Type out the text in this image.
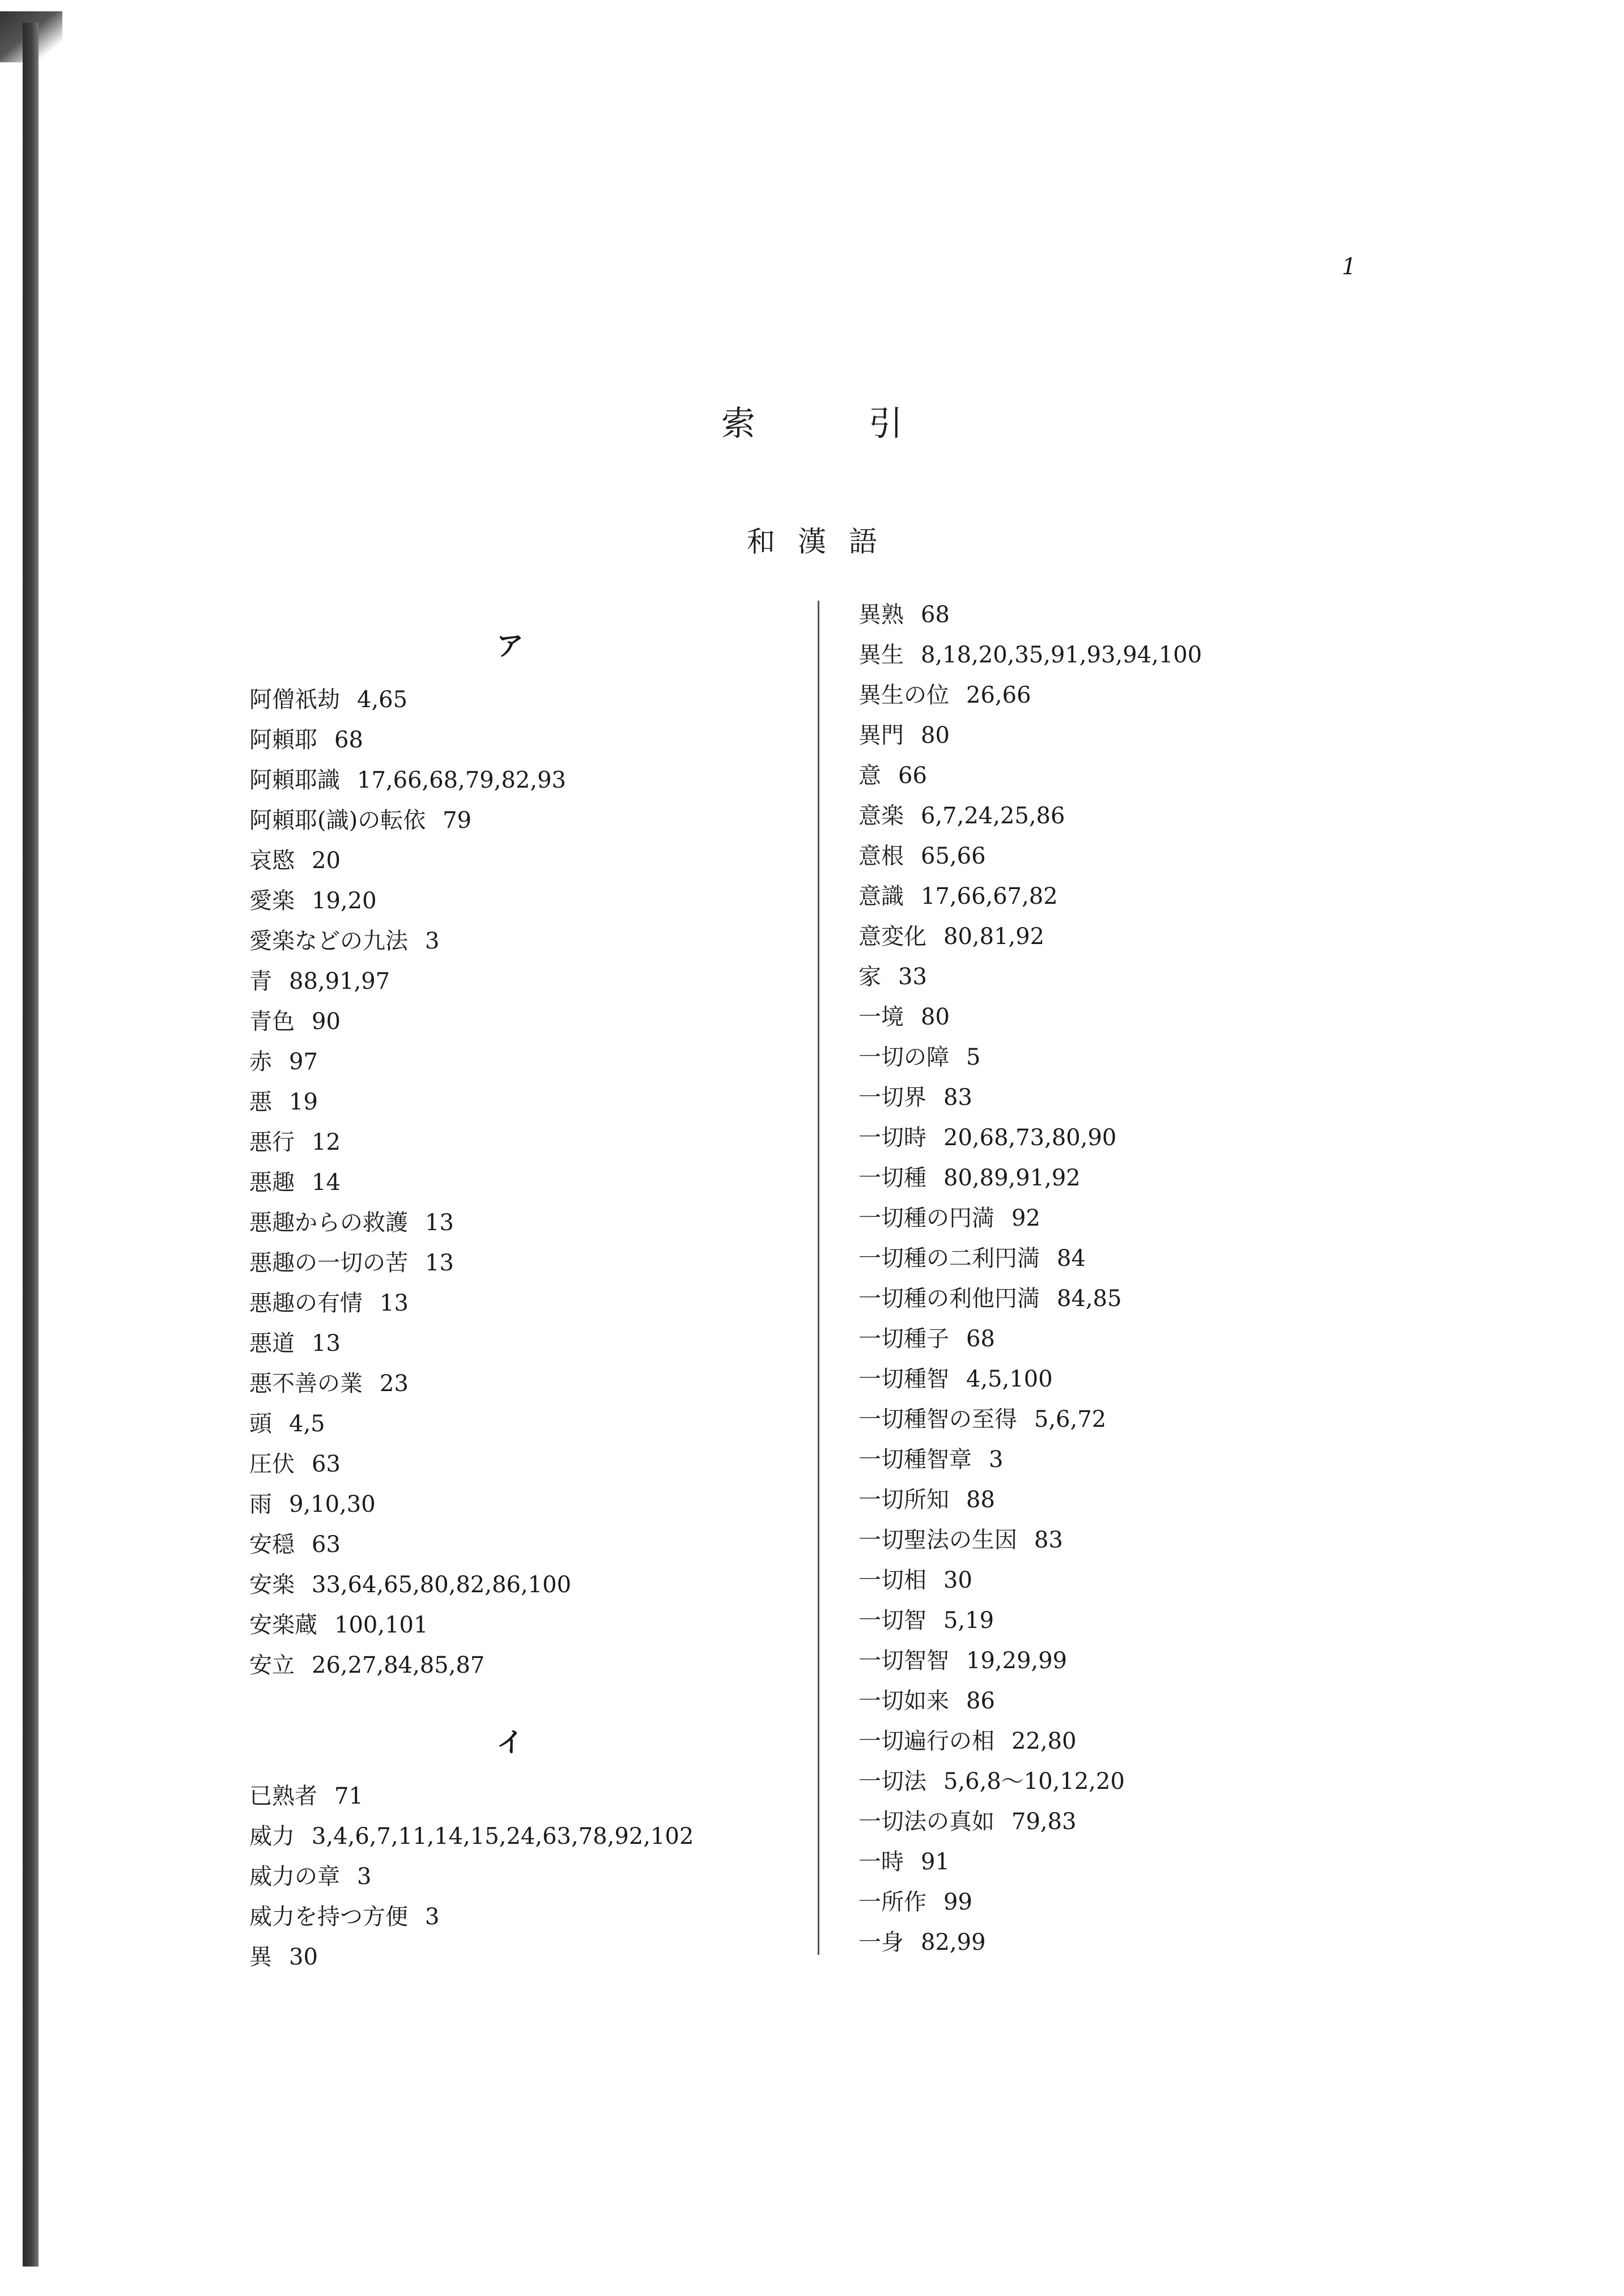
1
索引
和漢語
ア
阿僧祇劫 4,65
阿頼耶 68
阿頼耶識 17,66,68,79,82,93
阿頼耶(識)の転依 79
哀愍 20
愛楽 19,20
愛楽などの九法 3
青 88,91,97
青色 90
赤 97
悪 19
悪行 12
悪趣 14
悪趣からの救護 13
悪趣の一切の苦 13
悪趣の有情 13
悪道 13
悪不善の業 23
頭 4,5
圧伏 63
雨 9,10,30
安穏 63
安楽 33,64,65,80,82,86,100
安楽蔵 100,101
安立 26,27,84,85,87
イ
已熟者 71
威力 3,4,6,7,11,14,15,24,63,78,92,102
威力の章 3
威力を持つ方便 3
異 30
異熟 68
異生 8,18,20,35,91,93,94,100
異生の位 26,66
異門 80
意 66
意楽 6,7,24,25,86
意根 65,66
意識 17,66,67,82
意変化 80,81,92
家 33
一境 80
一切の障 5
一切界 83
一切時 20,68,73,80,90
一切種 80,89,91,92
一切種の円満 92
一切種の二利円満 84
一切種の利他円満 84,85
一切種子 68
一切種智 4,5,100
一切種智の至得 5,6,72
一切種智章 3
一切所知 88
一切聖法の生因 83
一切相 30
一切智 5,19
一切智智 19,29,99
一切如来 86
一切遍行の相 22,80
一切法 5,6,8〜10,12,20
一切法の真如 79,83
一時 91
一所作 99
一身 82,99
